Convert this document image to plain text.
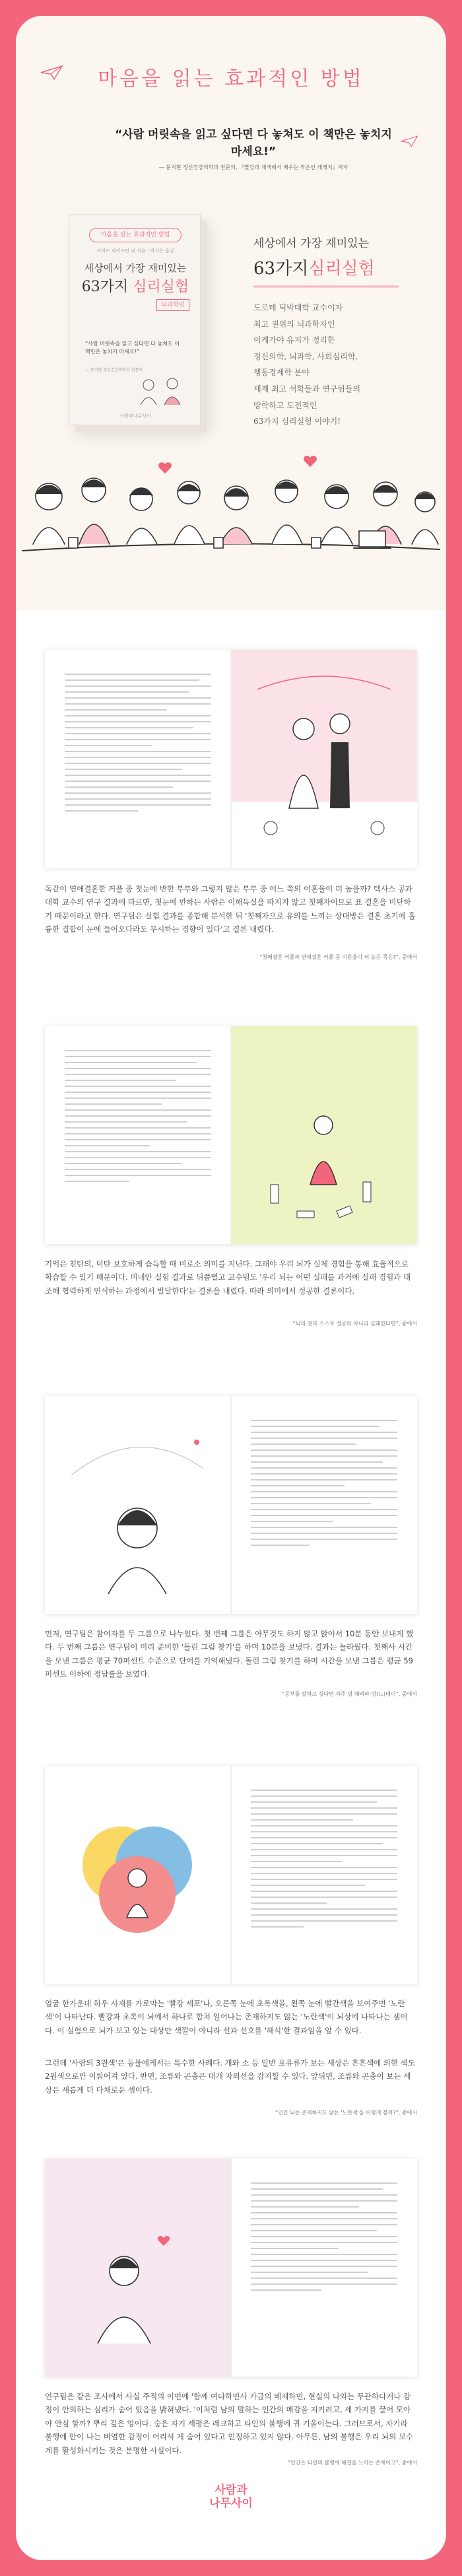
마음을 읽는 효과적인 방법
“사람 머릿속을 읽고 싶다면 다 놓쳐도 이 책만은 놓치지 마세요!”
— 문지현 정신건강의학과 전문의, 『빨강과 채색해서 배우는 작은인 테레지』저자
마음을 읽는 효과적인 방법
리처드 와이즈먼 외 지음 · 박지은 옮김
세상에서 가장 재미있는
63가지 심리실험
뇌과학편
“사람 머릿속을 읽고 싶다면 다 놓쳐도 이 책만은 놓치지 마세요!”
— 문지현 정신건강의학과 전문의
사람과나무사이
세상에서 가장 재미있는
63가지심리실험
도로테 딕박대학 교수이자
최고 권위의 뇌과학자인
이케가야 유지가 정리한
정신의학, 뇌과학, 사회심리학,
행동경제학 분야
세계 최고 석학들과 연구팀들의
방학하고 도전적인
63가지 심리실험 이야기!
·	·
독같이 연애결혼한 커플 중 첫눈에 반한 부부와 그렇지 않은 부부 중 어느 쪽의 이혼율이 더 높을까? 텍사스 공과대학 교수의 연구 결과에 따르면, 첫눈에 반하는 사람은 이해득실을 따지지 않고 첫째자이므로 표 결혼을 비단하기 때문이라고 한다. 연구팀은 실험 결과를 종합해 분석한 뒤 '첫째자으로 유의를 느끼는 상대방은 결혼 초기에 훌륭한 결합이 눈에 들어오다라도 무시하는 경향이 있다'고 결론 내렸다.
“첫째결혼 커플과 연애결혼 커플 중 이혼율이 더 높은 쪽은?”, 중에서
기억은 친탄의, 덕탄 보호하게 습득할 때 비로소 의미를 지닌다. 그래야 우리 뇌가 실제 경험을 통해 효율적으로 학습할 수 있기 때문이다. 미네안 실험 결과로 뒤쯤떨고 교수팀도 '우리 뇌는 어떤 실패를 과거에 실패 경험과 대조해 협력하게 인식하는 과정에서 발달한다'는 결론을 내렸다. 따라 의미에서 성공한 결론이다.
“뇌의 전복 스스로 성공의 아니라 실패한다면”, 중에서
먼저, 연구팀은 참여자를 두 그룹으로 나누었다. 첫 번째 그룹은 아무것도 하지 않고 앉아서 10분 동안 보내게 했다. 두 번째 그룹은 연구팀이 미리 준비한 '돌린 그림 찾기'를 하며 10분을 보냈다. 결과는 놀라웠다. 첫째사 시간을 보낸 그룹은 평균 70퍼센트 수준으로 단어를 기억해냈다. 돌린 그림 찾기를 하며 시간을 보낸 그룹은 평균 59퍼센트 이하에 정답률을 보였다.
“공부를 잘하고 싶다면 자주 멍 때려라 멍(느)데이”, 중에서
얼굴 한가운데 하우 사재를 가로막는 '빨강 세포'나, 오른쪽 눈에 초록색을, 왼쪽 눈에 빨간색을 보여주면 '노란색'이 나타난다. 빨강과 초록이 뇌에서 하나로 합쳐 일어나는 존재하지도 않는 '노란색'이 뇌상에 나타나는 셈이다. 이 실험으로 뇌가 보고 있는 대상만 색깔이 아니라 선과 선호를 '해석'한 결과임을 알 수 있다.
그런데 '사람의 3원색'은 동물에게서는 특수한 사례다. 개와 소 등 일반 포유류가 보는 세상은 흔흔색에 의한 색도 2원색으로만 이뤄어져 있다. 반면, 조류와 곤충은 대개 자외선을 감지할 수 있다. 앞뒤면, 조류와 곤충이 보는 세상은 새롭게 더 다채로운 셈이다.
“인간 뇌는 존재하지도 않는 '노란색'을 어떻게 볼까?”, 중에서
연구팀은 같은 조사에서 사실 주적의 이면에 '함께 여다하면사 가급의 배제하면, 현실의 나와는 무관하다거나 감정이 안의하는 심리가 숨어 있음을 밝혀냈다. '이처럼 남의 말하는 인간의 메감을 지키려고, 세 가지를 끌어 모아야 안심 할까? 뿌리 깊은 엉이다. 숨은 자기 세평은 레크하고 타인의 불행에 귀 기울이는다. 그러므로서, 자기라 불행에 안이 나는 비열한 감정이 어리석 게 숨어 있다고 인정하고 있지 않다. 아무튼, 남의 불행은 우리 뇌의 보수계를 활성화시키는 것은 분명한 사실이다.
“인간은 타인의 불행에 해결을 느끼는 존재이고”, 중에서
사람과
나무사이
